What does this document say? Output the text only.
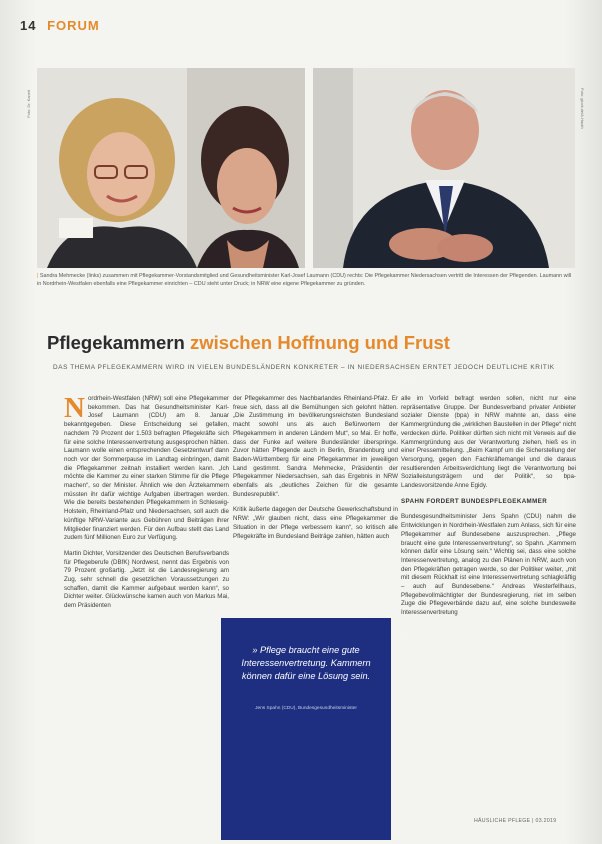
14 FORUM
Foto: Dr. Kanelt	Foto: glock.de/A.Hauth
| Sandra Mehmecke (links) zusammen mit Pflegekammer-Vorstandsmitglied und Gesundheitsminister Karl-Josef Laumann (CDU) rechts: Die Pflegekammer Niedersachsen vertritt die Interessen der Pflegenden. Laumann will in Nordrhein-Westfalen ebenfalls eine Pflegekammer einrichten – CDU steht unter Druck; in NRW eine eigene Pflegekammer zu gründen.
Pflegekammern zwischen Hoffnung und Frust
DAS THEMA PFLEGEKAMMERN WIRD IN VIELEN BUNDESLÄNDERN KONKRETER – IN NIEDERSACHSEN ERNTET JEDOCH DEUTLICHE KRITIK

Nordrhein-Westfalen (NRW) soll eine Pflegekammer bekommen. Das hat Gesundheitsminister Karl-Josef Laumann (CDU) am 8. Januar bekanntgegeben. Diese Entscheidung sei gefallen, nachdem 79 Prozent der 1.503 befragten Pflegekräfte sich für eine solche Interessenvertretung ausgesprochen hätten. Laumann wolle einen entsprechenden Gesetzentwurf dann noch vor der Sommerpause im Landtag einbringen, damit die Pflegekammer zeitnah installiert werden kann. „Ich möchte die Kammer zu einer starken Stimme für die Pflege machen“, so der Minister. Ähnlich wie den Ärztekammern müssten ihr dafür wichtige Aufgaben übertragen werden. Wie die bereits bestehenden Pflegekammern in Schleswig-Holstein, Rheinland-Pfalz und Niedersachsen, soll auch die künftige NRW-Variante aus Gebühren und Beiträgen ihrer Mitglieder finanziert werden. Für den Aufbau stellt das Land zudem fünf Millionen Euro zur Verfügung.

Martin Dichter, Vorsitzender des Deutschen Berufsverbands für Pflegeberufe (DBfK) Nordwest, nennt das Ergebnis von 79 Prozent großartig. „Jetzt ist die Landesregierung am Zug, sehr schnell die gesetzlichen Voraussetzungen zu schaffen, damit die Kammer aufgebaut werden kann“, so Dichter weiter. Glückwünsche kamen auch von Markus Mai, dem Präsidenten

der Pflegekammer des Nachbarlandes Rheinland-Pfalz. Er freue sich, dass all die Bemühungen sich gelohnt hätten. „Die Zustimmung im bevölkerungsreichsten Bundesland macht sowohl uns als auch Befürwortern der Pflegekammern in anderen Ländern Mut“, so Mai. Er hoffe, dass der Funke auf weitere Bundesländer überspringe. Zuvor hätten Pflegende auch in Berlin, Brandenburg und Baden-Württemberg für eine Pflegekammer im jeweiligen Land gestimmt. Sandra Mehmecke, Präsidentin der Pflegekammer Niedersachsen, sah das Ergebnis in NRW ebenfalls als „deutliches Zeichen für die gesamte Bundesrepublik“.

Kritik äußerte dagegen der Deutsche Gewerkschaftsbund in NRW: „Wir glauben nicht, dass eine Pflegekammer die Situation in der Pflege verbessern kann“, so kritisch alle Pflegekräfte im Bundesland Beiträge zahlen, hätten auch

alle im Vorfeld befragt werden sollen, nicht nur eine repräsentative Gruppe. Der Bundesverband privater Anbieter sozialer Dienste (bpa) in NRW mahnte an, dass eine Kammergründung die „wirklichen Baustellen in der Pflege“ nicht verdecken dürfe. Politiker dürften sich nicht mit Verweis auf die Kammergründung aus der Verantwortung ziehen, hieß es in einer Pressemitteilung. „Beim Kampf um die Sicherstellung der Versorgung, gegen den Fachkräftemangel und die daraus resultierenden Arbeitsverdichtung liegt die Verantwortung bei Sozialleistungsträgern und der Politik“, so bpa-Landesvorsitzende Anne Egidy.

SPAHN FORDERT BUNDESPFLEGEKAMMER

Bundesgesundheitsminister Jens Spahn (CDU) nahm die Entwicklungen in Nordrhein-Westfalen zum Anlass, sich für eine Pflegekammer auf Bundesebene auszusprechen. „Pflege braucht eine gute Interessenvertretung“, so Spahn. „Kammern können dafür eine Lösung sein.“ Wichtig sei, dass eine solche Interessenvertretung, analog zu den Plänen in NRW, auch von den Pflegekräften getragen werde, so der Politiker weiter, „mit mit diesem Rückhalt ist eine Interessenvertretung schlagkräftig – auch auf Bundesebene.“ Andreas Westerfellhaus, Pflegebevollmächtigter der Bundesregierung, riet im selben Zuge die Pflegeverbände dazu auf, eine solche bundesweite Interessenvertretung

» Pflege braucht eine gute Interessenvertretung. Kammern können dafür eine Lösung sein.
Jens Spahn (CDU), Bundesgesundheitsminister
HÄUSLICHE PFLEGE | 03.2019
